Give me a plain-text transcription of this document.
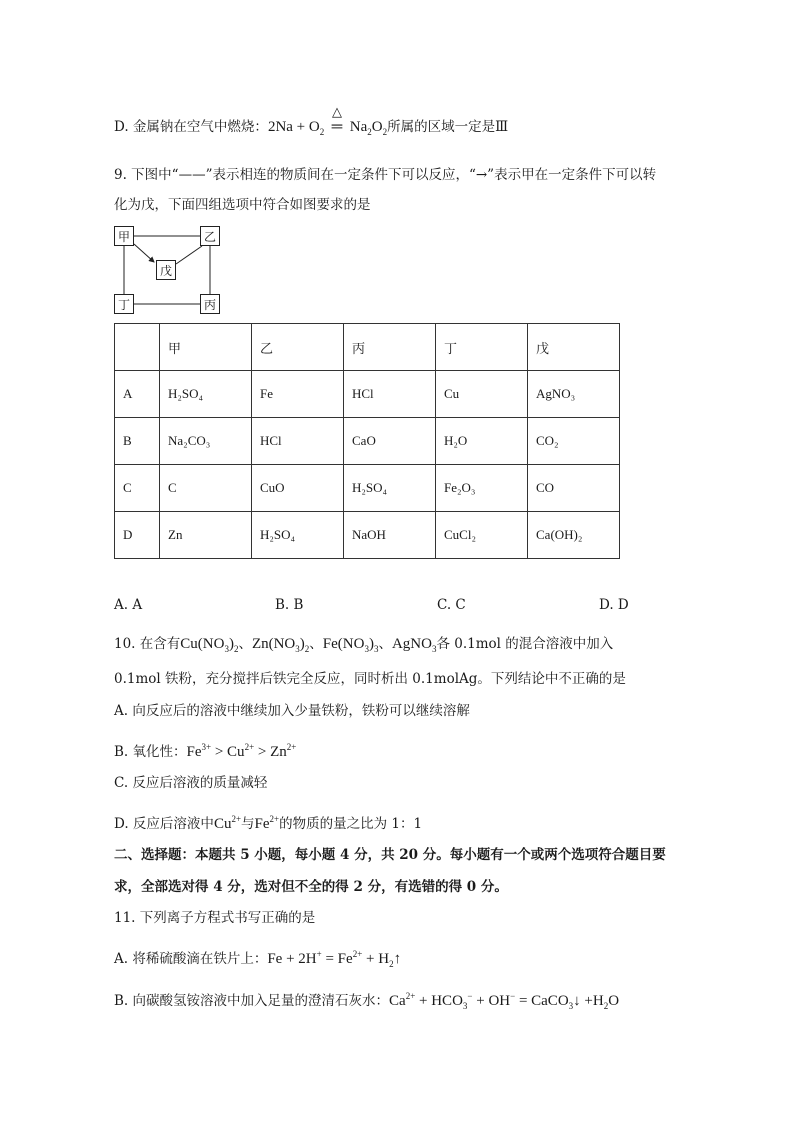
D. 金属钠在空气中燃烧：$2Na + O_2$
△
═ $Na_2O_2$所属的区域一定是Ⅲ
9. 下图中“——”表示相连的物质间在一定条件下可以反应，“→”表示甲在一定条件下可以转
化为戊，下面四组选项中符合如图要求的是
甲	乙
戊
丁	丙
	甲	乙	丙	丁	戊
A	H₂SO₄	Fe	HCl	Cu	AgNO₃
B	Na₂CO₃	HCl	CaO	H₂O	CO₂
C	C	CuO	H₂SO₄	Fe₂O₃	CO
D	Zn	H₂SO₄	NaOH	CuCl₂	Ca(OH)₂
A. A	B. B	C. C	D. D
10. 在含有$Cu(NO_3)_2$、$Zn(NO_3)_2$、$Fe(NO_3)_3$、AgNO$_3$各 0.1mol 的混合溶液中加入
0.1mol 铁粉，充分搅拌后铁完全反应，同时析出 0.1molAg。下列结论中不正确的是
A. 向反应后的溶液中继续加入少量铁粉，铁粉可以继续溶解
B. 氧化性：$Fe^{3+} > Cu^{2+} > Zn^{2+}$
C. 反应后溶液的质量减轻
D. 反应后溶液中$Cu^{2+}$与$Fe^{2+}$的物质的量之比为 1：1
二、选择题：本题共 5 小题，每小题 4 分，共 20 分。每小题有一个或两个选项符合题目要
求，全部选对得 4 分，选对但不全的得 2 分，有选错的得 0 分。
11. 下列离子方程式书写正确的是
A. 将稀硫酸滴在铁片上：$Fe + 2H^+ = Fe^{2+}$ + $H_2↑$
B. 向碳酸氢铵溶液中加入足量的澄清石灰水：$Ca^{2+} + HCO_3^- + OH^-$ = CaCO$_3$↓ $+H_2O$
